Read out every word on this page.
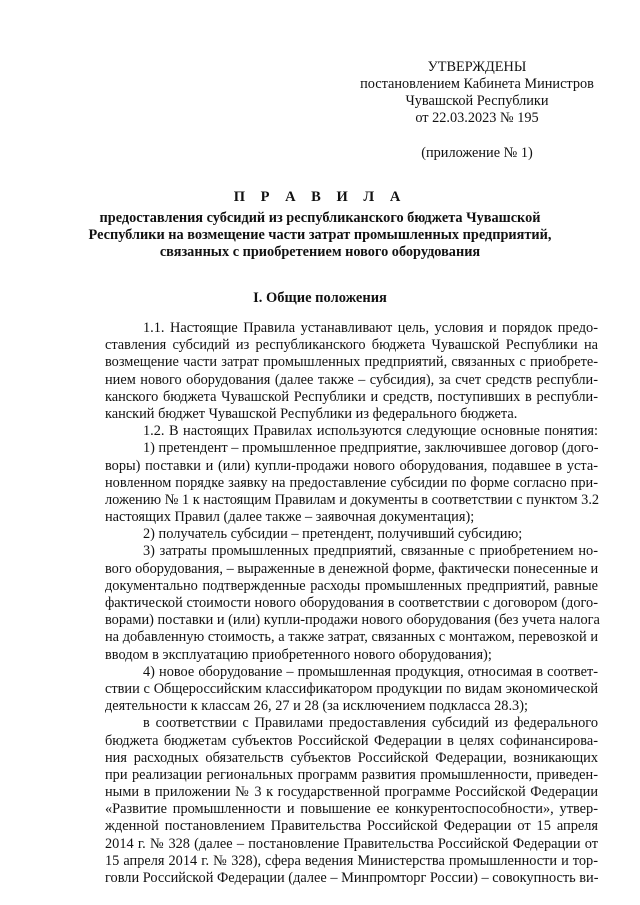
УТВЕРЖДЕНЫ
постановлением Кабинета Министров
Чувашской Республики
от 22.03.2023 № 195
(приложение № 1)
П Р А В И Л А
предоставления субсидий из республиканского бюджета Чувашской
Республики на возмещение части затрат промышленных предприятий,
связанных с приобретением нового оборудования
I. Общие положения
1.1. Настоящие Правила устанавливают цель, условия и порядок предо-
ставления субсидий из республиканского бюджета Чувашской Республики на
возмещение части затрат промышленных предприятий, связанных с приобрете-
нием нового оборудования (далее также – субсидия), за счет средств республи-
канского бюджета Чувашской Республики и средств, поступивших в республи-
канский бюджет Чувашской Республики из федерального бюджета.
1.2. В настоящих Правилах используются следующие основные понятия:
1) претендент – промышленное предприятие, заключившее договор (дого-
воры) поставки и (или) купли-продажи нового оборудования, подавшее в уста-
новленном порядке заявку на предоставление субсидии по форме согласно при-
ложению № 1 к настоящим Правилам и документы в соответствии с пунктом 3.2
настоящих Правил (далее также – заявочная документация);
2) получатель субсидии – претендент, получивший субсидию;
3) затраты промышленных предприятий, связанные с приобретением но-
вого оборудования, – выраженные в денежной форме, фактически понесенные и
документально подтвержденные расходы промышленных предприятий, равные
фактической стоимости нового оборудования в соответствии с договором (дого-
ворами) поставки и (или) купли-продажи нового оборудования (без учета налога
на добавленную стоимость, а также затрат, связанных с монтажом, перевозкой и
вводом в эксплуатацию приобретенного нового оборудования);
4) новое оборудование – промышленная продукция, относимая в соответ-
ствии с Общероссийским классификатором продукции по видам экономической
деятельности к классам 26, 27 и 28 (за исключением подкласса 28.3);
в соответствии с Правилами предоставления субсидий из федерального
бюджета бюджетам субъектов Российской Федерации в целях софинансирова-
ния расходных обязательств субъектов Российской Федерации, возникающих
при реализации региональных программ развития промышленности, приведен-
ными в приложении № 3 к государственной программе Российской Федерации
«Развитие промышленности и повышение ее конкурентоспособности», утвер-
жденной постановлением Правительства Российской Федерации от 15 апреля
2014 г. № 328 (далее – постановление Правительства Российской Федерации от
15 апреля 2014 г. № 328), сфера ведения Министерства промышленности и тор-
говли Российской Федерации (далее – Минпромторг России) – совокупность ви-
